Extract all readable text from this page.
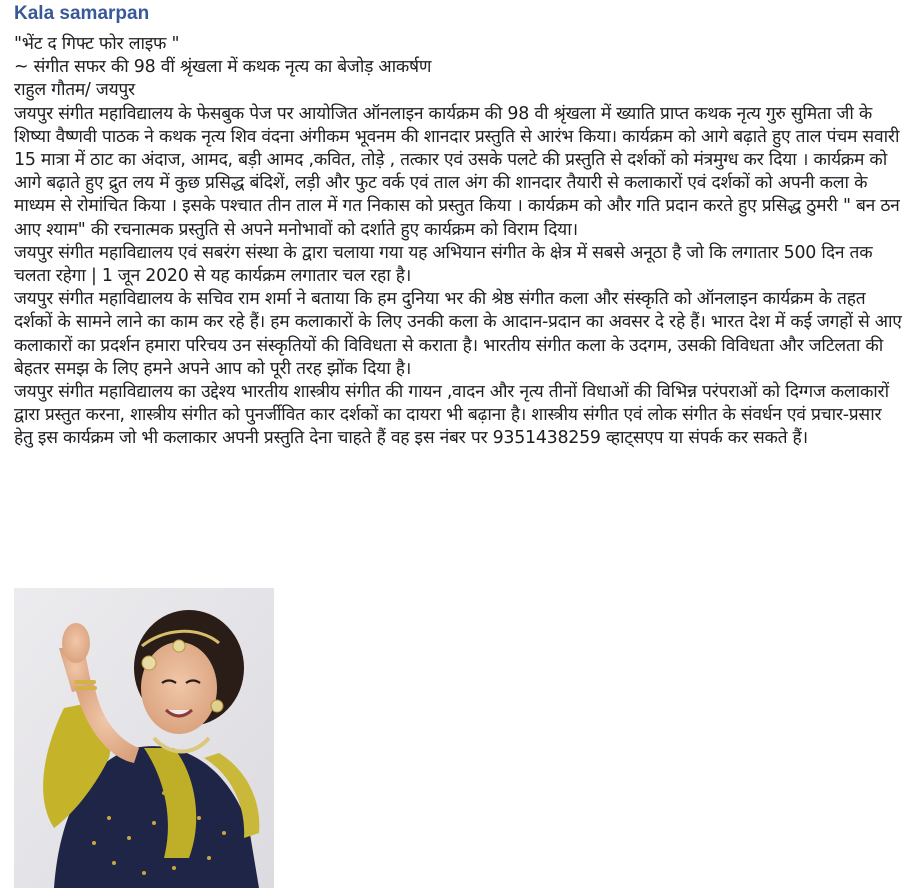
Kala samarpan

"भेंट द गिफ्ट फोर लाइफ "

~ संगीत सफर की 98 वीं श्रृंखला में कथक नृत्य का बेजोड़ आकर्षण

राहुल गौतम/ जयपुर

जयपुर संगीत महाविद्यालय के फेसबुक पेज पर आयोजित ऑनलाइन कार्यक्रम की 98 वी श्रृंखला में ख्याति प्राप्त कथक नृत्य गुरु सुमिता जी के शिष्या वैष्णवी पाठक ने कथक नृत्य शिव वंदना अंगीकम भूवनम की शानदार प्रस्तुति से आरंभ किया। कार्यक्रम को आगे बढ़ाते हुए ताल पंचम सवारी 15 मात्रा में ठाट का अंदाज, आमद, बड़ी आमद ,कवित, तोड़े , तत्कार एवं उसके पलटे की प्रस्तुति से दर्शकों को मंत्रमुग्ध कर दिया । कार्यक्रम को आगे बढ़ाते हुए द्रुत लय में कुछ प्रसिद्ध बंदिशें, लड़ी और फुट वर्क एवं ताल अंग की शानदार तैयारी से कलाकारों एवं दर्शकों को अपनी कला के माध्यम से रोमांचित किया । इसके पश्चात तीन ताल में गत निकास को प्रस्तुत किया । कार्यक्रम को और गति प्रदान करते हुए प्रसिद्ध ठुमरी " बन ठन आए श्याम" की रचनात्मक प्रस्तुति से अपने मनोभावों को दर्शाते हुए कार्यक्रम को विराम दिया।

जयपुर संगीत महाविद्यालय एवं सबरंग संस्था के द्वारा चलाया गया यह अभियान संगीत के क्षेत्र में सबसे अनूठा है जो कि लगातार 500 दिन तक चलता रहेगा | 1 जून 2020 से यह कार्यक्रम लगातार चल रहा है।

जयपुर संगीत महाविद्यालय के सचिव राम शर्मा ने बताया कि हम दुनिया भर की श्रेष्ठ संगीत कला और संस्कृति को ऑनलाइन कार्यक्रम के तहत दर्शकों के सामने लाने का काम कर रहे हैं। हम कलाकारों के लिए उनकी कला के आदान-प्रदान का अवसर दे रहे हैं। भारत देश में कई जगहों से आए कलाकारों का प्रदर्शन हमारा परिचय उन संस्कृतियों की विविधता से कराता है। भारतीय संगीत कला के उदगम, उसकी विविधता और जटिलता की बेहतर समझ के लिए हमने अपने आप को पूरी तरह झोंक दिया है।

जयपुर संगीत महाविद्यालय का उद्देश्य भारतीय शास्त्रीय संगीत की गायन ,वादन और नृत्य तीनों विधाओं की विभिन्न परंपराओं को दिग्गज कलाकारों द्वारा प्रस्तुत करना, शास्त्रीय संगीत को पुनर्जीवित कार दर्शकों का दायरा भी बढ़ाना है। शास्त्रीय संगीत एवं लोक संगीत के संवर्धन एवं प्रचार-प्रसार हेतु इस कार्यक्रम जो भी कलाकार अपनी प्रस्तुति देना चाहते हैं वह इस नंबर पर 9351438259 व्हाट्सएप या संपर्क कर सकते हैं।
